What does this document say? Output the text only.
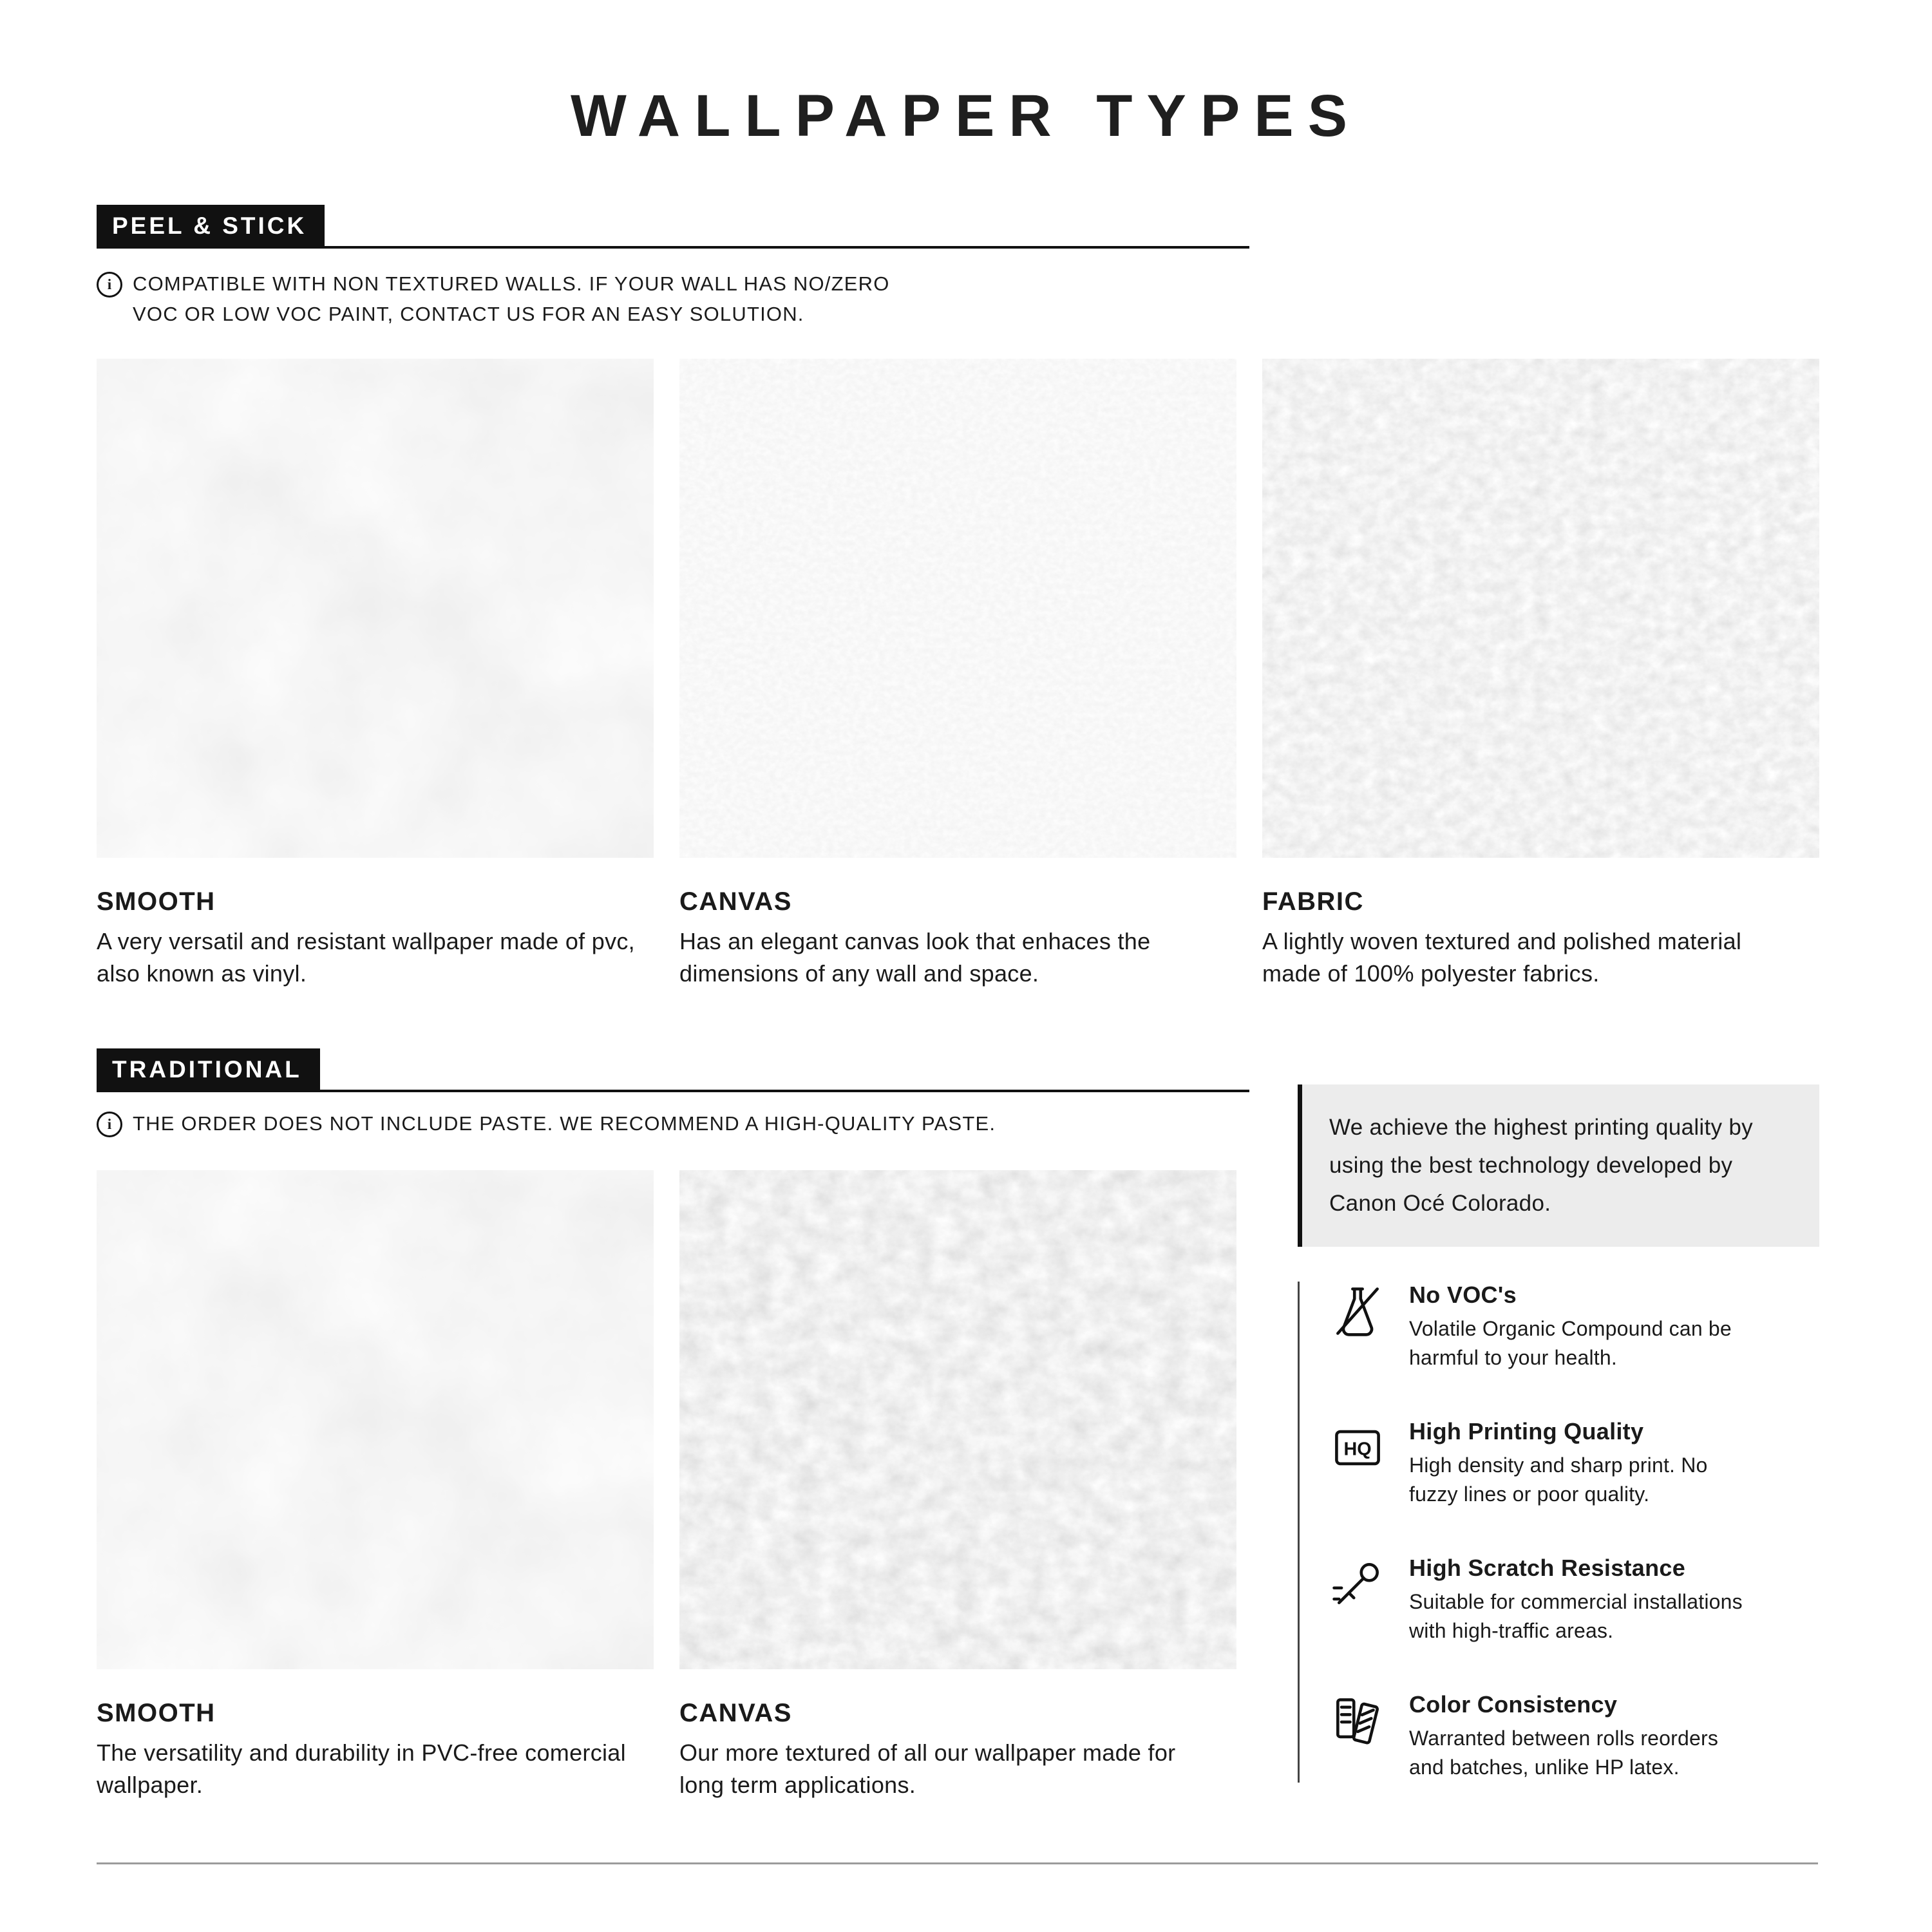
WALLPAPER TYPES
PEEL & STICK
i
COMPATIBLE WITH NON TEXTURED WALLS. IF YOUR WALL HAS NO/ZERO
VOC OR LOW VOC PAINT, CONTACT US FOR AN EASY SOLUTION.
SMOOTH
A very versatil and resistant wallpaper made of pvc, also known as vinyl.
CANVAS
Has an elegant canvas look that enhaces the dimensions of any wall and space.
FABRIC
A lightly woven textured and polished material made of 100% polyester fabrics.
TRADITIONAL
i
THE ORDER DOES NOT INCLUDE PASTE. WE RECOMMEND A HIGH-QUALITY PASTE.
SMOOTH
The versatility and durability in PVC-free comercial wallpaper.
CANVAS
Our more textured of all our wallpaper made for long term applications.
We achieve the highest printing quality by using the best technology developed by Canon Océ Colorado.
No VOC's
Volatile Organic Compound can be harmful to your health.
HQ
High Printing Quality
High density and sharp print. No fuzzy lines or poor quality.
High Scratch Resistance
Suitable for commercial installations with high-traffic areas.
Color Consistency
Warranted between rolls reorders and batches, unlike HP latex.
